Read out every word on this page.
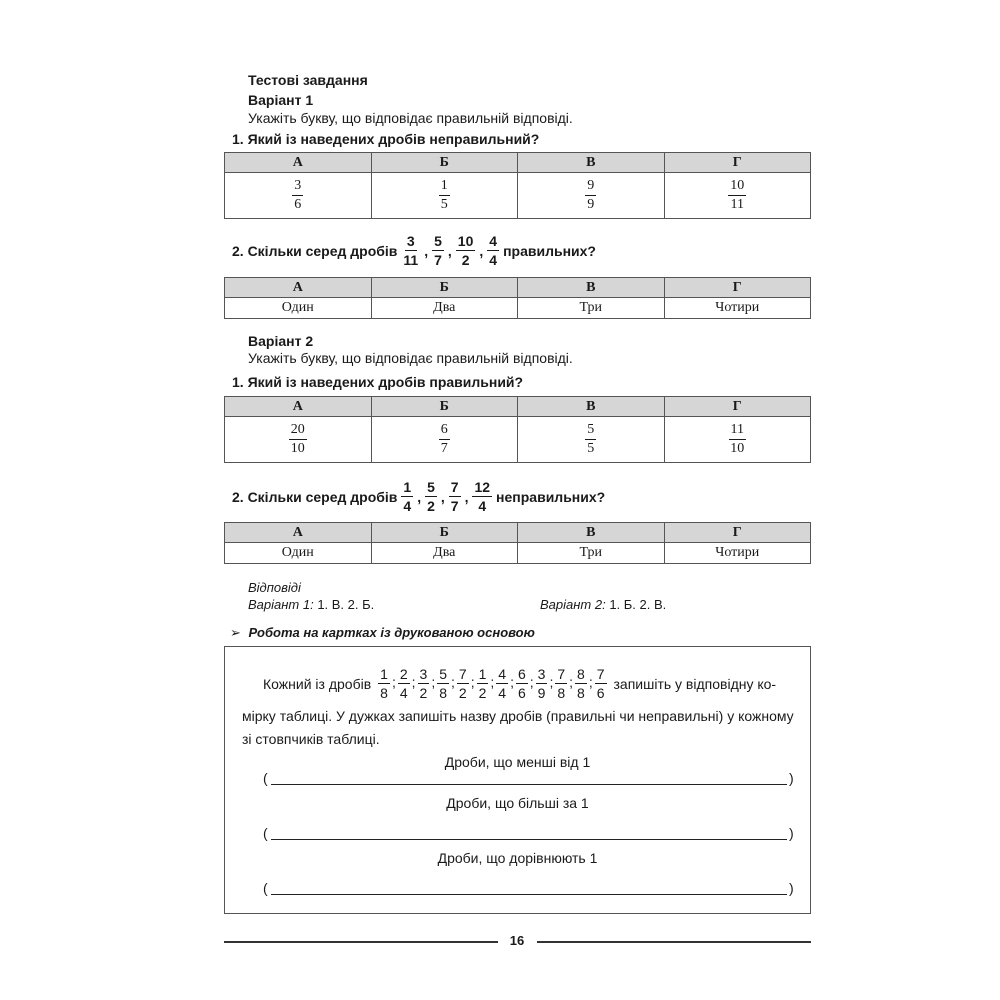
Тестові завдання
Варіант 1
Укажіть букву, що відповідає правильній відповіді.
1. Який із наведених дробів неправильний?
А	Б	В	Г

$\frac{3}{6}$	$\frac{1}{5}$	$\frac{9}{9}$	$\frac{10}{11}$
2. Скільки серед дробів $\frac{3}{11}$ , $\frac{5}{7}$ , $\frac{10}{2}$ , $\frac{4}{4}$ правильних?
А	Б	В	Г
Один	Два	Три	Чотири
Варіант 2
Укажіть букву, що відповідає правильній відповіді.
1. Який із наведених дробів правильний?
А	Б	В	Г

$\frac{20}{10}$	$\frac{6}{7}$	$\frac{5}{5}$	$\frac{11}{10}$
2. Скільки серед дробів $\frac{1}{4}$ , $\frac{5}{2}$ , $\frac{7}{7}$ , $\frac{12}{4}$ неправильних?
А	Б	В	Г
Один	Два	Три	Чотири
Відповіді
Варіант 1: 1. В. 2. Б.	Варіант 2: 1. Б. 2. В.
➢ Робота на картках із друкованою основою
Кожний із дробів $\frac{1}{8}$ ; $\frac{2}{4}$ ; $\frac{3}{2}$ ; $\frac{5}{8}$ ; $\frac{7}{2}$ ; $\frac{1}{2}$ ; $\frac{4}{4}$ ; $\frac{6}{6}$ ; $\frac{3}{9}$ ; $\frac{7}{8}$ ; $\frac{8}{8}$ ; $\frac{7}{6}$ запишіть у відповідну ко-
мірку таблиці. У дужках запишіть назву дробів (правильні чи неправильні) у кожному
зі стовпчиків таблиці.
Дроби, що менші від 1
(	)
Дроби, що більші за 1
(	)
Дроби, що дорівнюють 1
(	)
16
